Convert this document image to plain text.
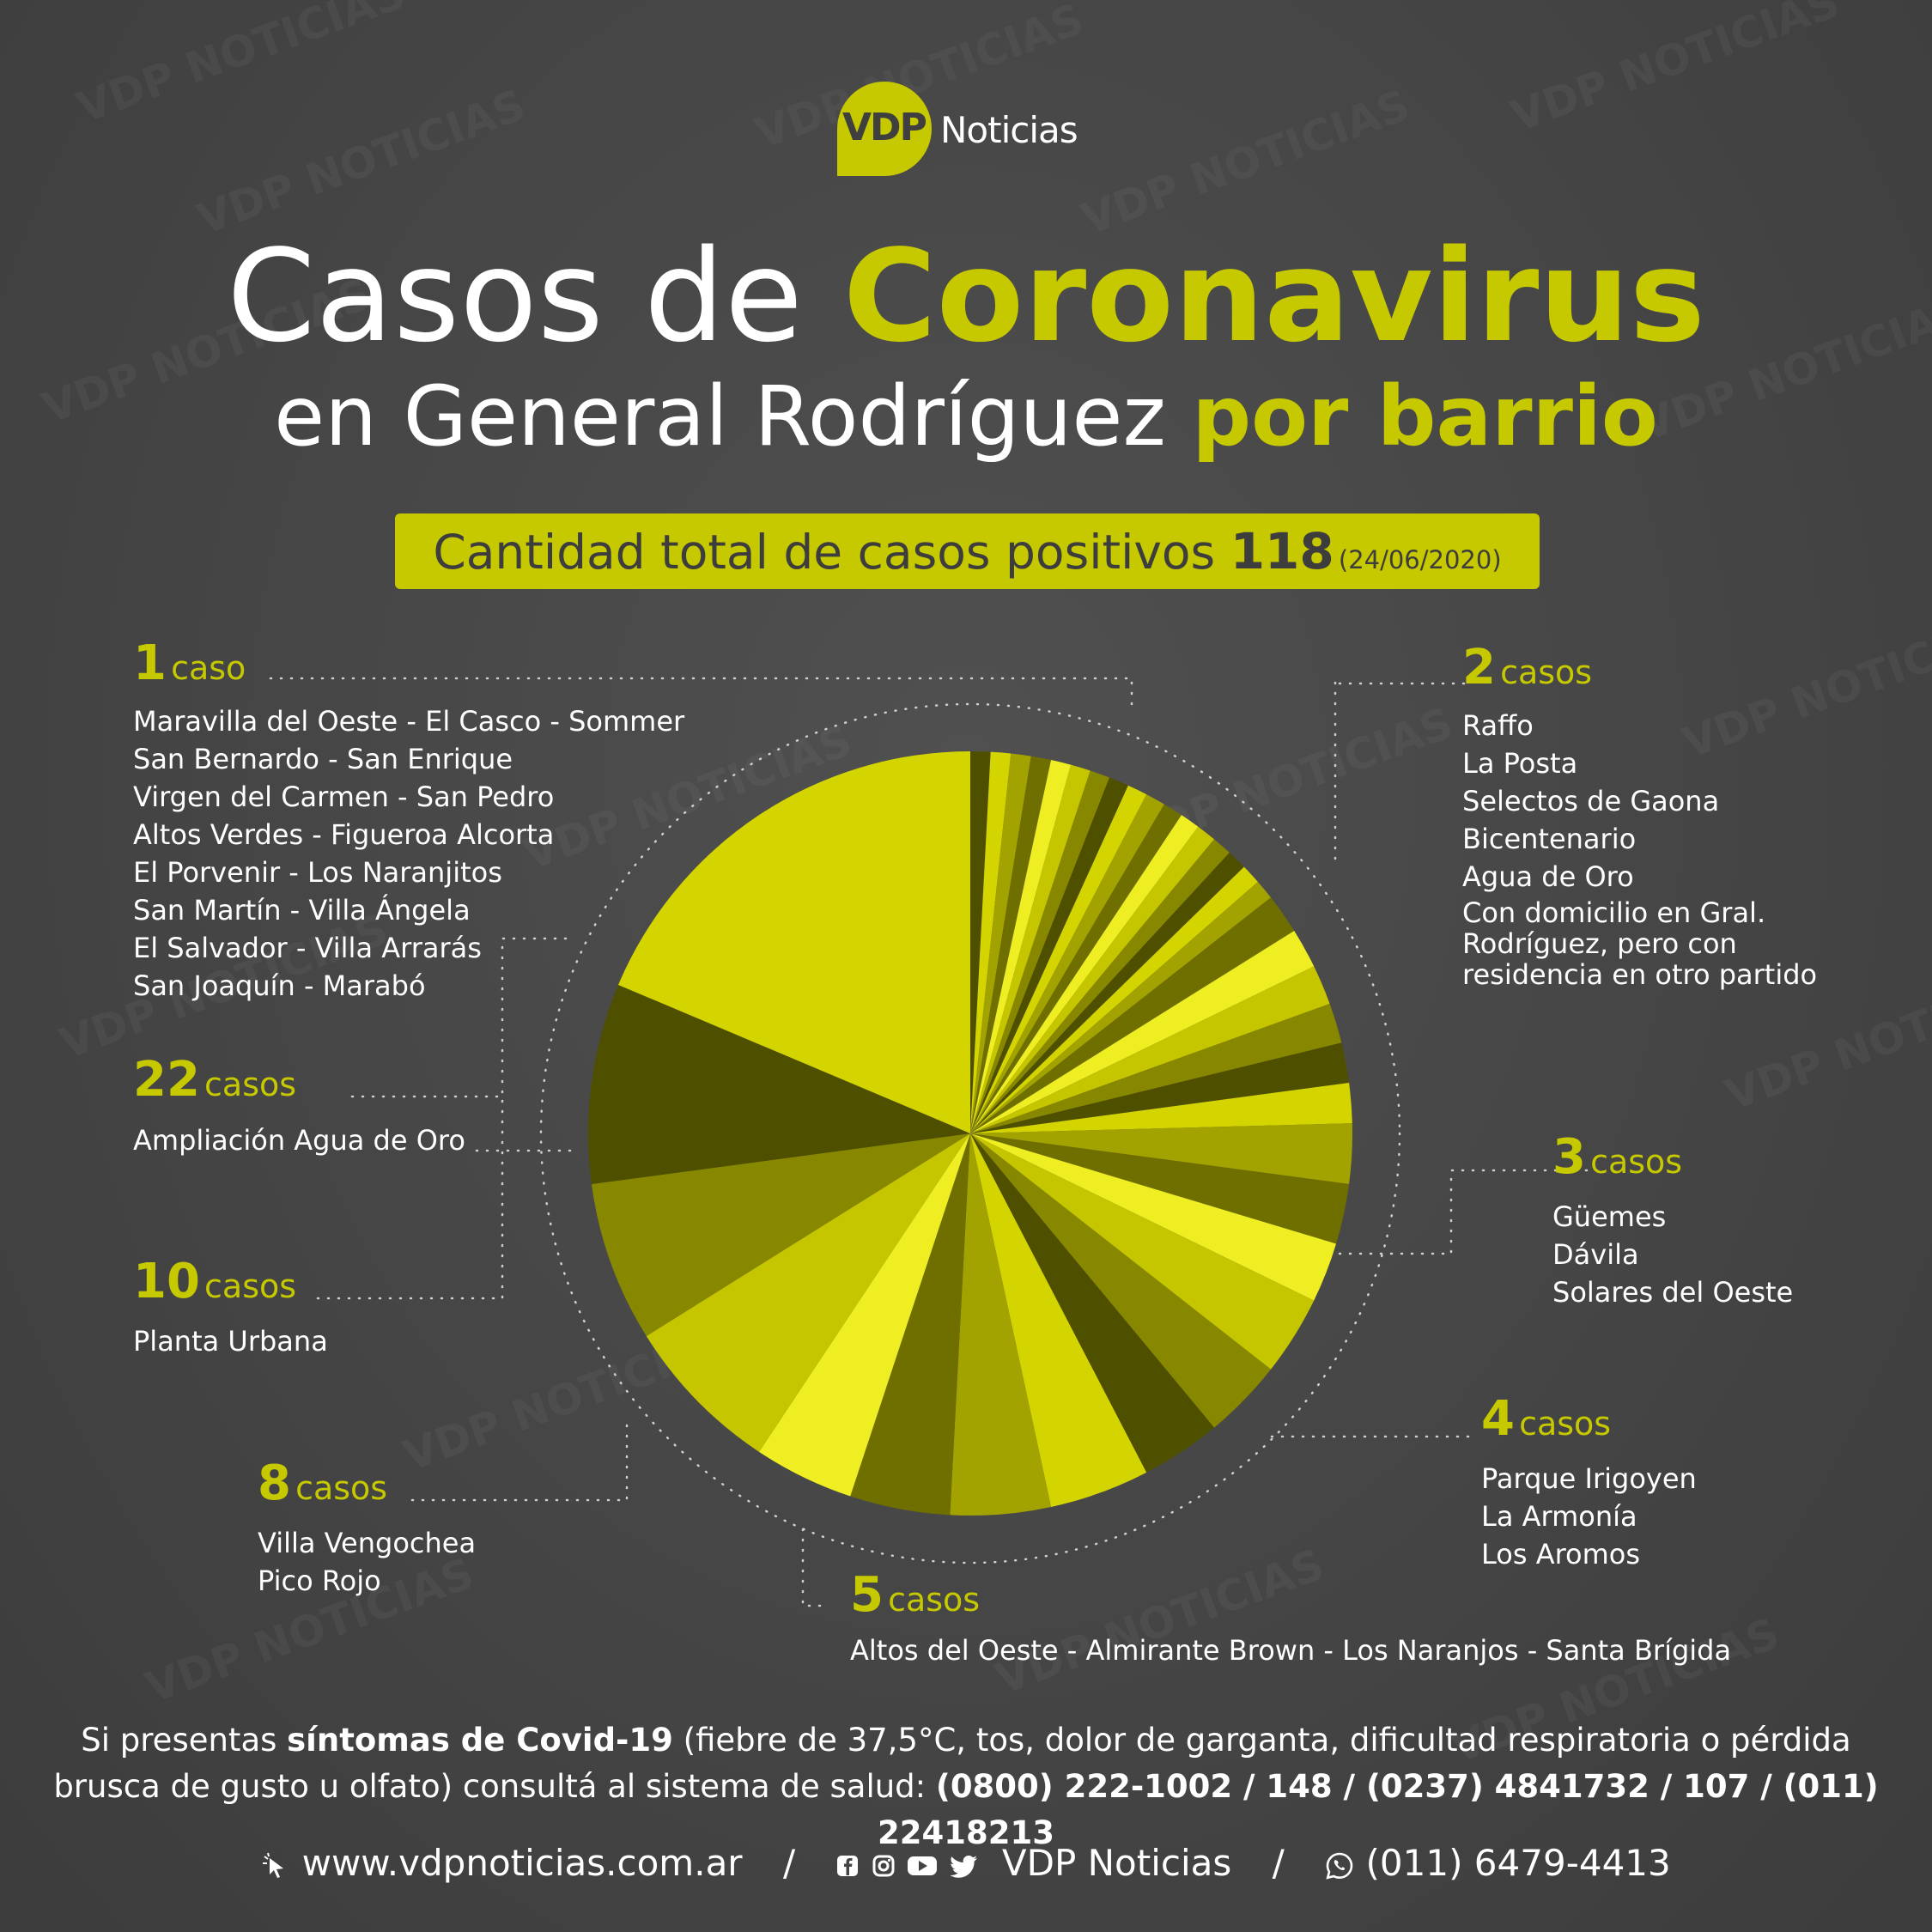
VDP Noticias
Casos de Coronavirus
en General Rodríguez por barrio
Cantidad total de casos positivos 118 (24/06/2020)
1 caso
Maravilla del Oeste - El Casco - Sommer
San Bernardo - San Enrique
Virgen del Carmen - San Pedro
Altos Verdes - Figueroa Alcorta
El Porvenir - Los Naranjitos
San Martín - Villa Ángela
El Salvador - Villa Arrarás
San Joaquín - Marabó
22 casos
Ampliación Agua de Oro
10 casos
Planta Urbana
8 casos
Villa Vengochea
Pico Rojo	5 casos
Altos del Oeste - Almirante Brown - Los Naranjos - Santa Brígida
2 casos
Raffo
La Posta
Selectos de Gaona
Bicentenario
Agua de Oro
Con domicilio en Gral.
Rodríguez, pero con
residencia en otro partido
3 casos
Güemes
Dávila
Solares del Oeste
4 casos
Parque Irigoyen
La Armonía
Los Aromos
Si presentas síntomas de Covid-19 (fiebre de 37,5°C, tos, dolor de garganta, dificultad respiratoria o pérdida brusca de gusto u olfato) consultá al sistema de salud: (0800) 222-1002 / 148 / (0237) 4841732 / 107 / (011) 22418213
www.vdpnoticias.com.ar /	VDP Noticias / (011) 6479-4413
